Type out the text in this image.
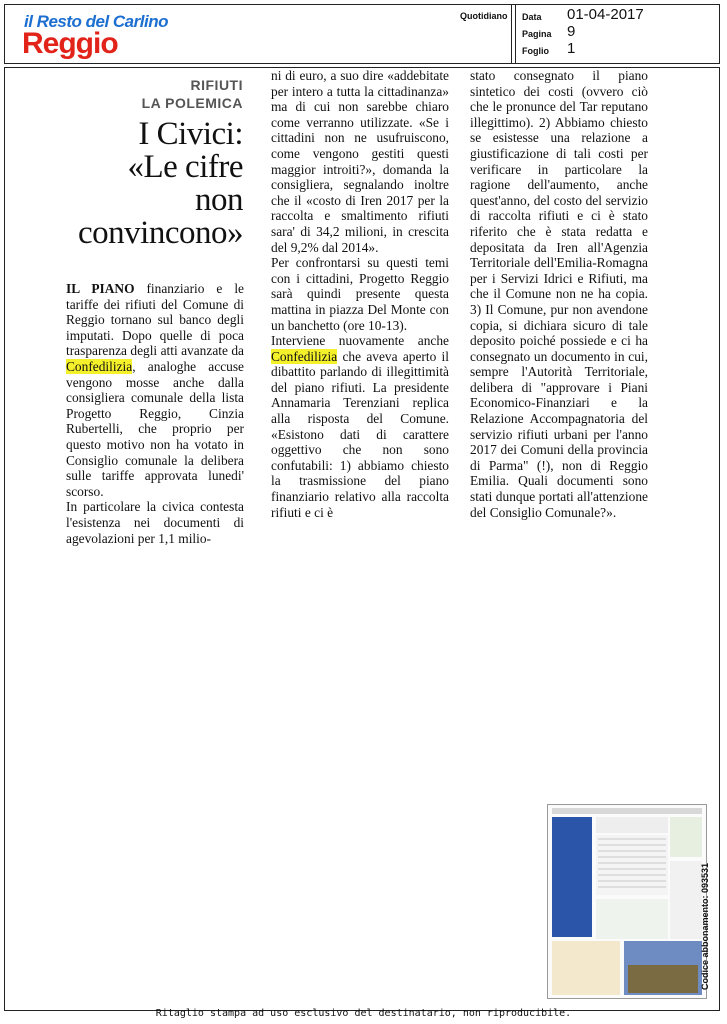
il Resto del Carlino
Reggio
Quotidiano Data 01-04-2017
Pagina 9
Foglio 1
RIFIUTI
LA POLEMICA
I Civici:
«Le cifre
non
convincono»

IL PIANO finanziario e le tariffe dei rifiuti del Comune di Reggio tornano sul banco degli imputati. Dopo quelle di poca trasparenza degli atti avanzate da Confedilizia, analoghe accuse vengono mosse anche dalla consigliera comunale della lista Progetto Reggio, Cinzia Rubertelli, che proprio per questo motivo non ha votato in Consiglio comunale la delibera sulle tariffe approvata lunedi' scorso.

In particolare la civica contesta l'esistenza nei documenti di agevolazioni per 1,1 milio-

ni di euro, a suo dire «addebitate per intero a tutta la cittadinanza» ma di cui non sarebbe chiaro come verranno utilizzate. «Se i cittadini non ne usufruiscono, come vengono gestiti questi maggior introiti?», domanda la consigliera, segnalando inoltre che il «costo di Iren 2017 per la raccolta e smaltimento rifiuti sara' di 34,2 milioni, in crescita del 9,2% dal 2014».

Per confrontarsi su questi temi con i cittadini, Progetto Reggio sarà quindi presente questa mattina in piazza Del Monte con un banchetto (ore 10-13).

Interviene nuovamente anche Confedilizia che aveva aperto il dibattito parlando di illegittimità del piano rifiuti. La presidente Annamaria Terenziani replica alla risposta del Comune. «Esistono dati di carattere oggettivo che non sono confutabili: 1) abbiamo chiesto la trasmissione del piano finanziario relativo alla raccolta rifiuti e ci è

stato consegnato il piano sintetico dei costi (ovvero ciò che le pronunce del Tar reputano illegittimo). 2) Abbiamo chiesto se esistesse una relazione a giustificazione di tali costi per verificare in particolare la ragione dell'aumento, anche quest'anno, del costo del servizio di raccolta rifiuti e ci è stato riferito che è stata redatta e depositata da Iren all'Agenzia Territoriale dell'Emilia-Romagna per i Servizi Idrici e Rifiuti, ma che il Comune non ne ha copia. 3) Il Comune, pur non avendone copia, si dichiara sicuro di tale deposito poiché possiede e ci ha consegnato un documento in cui, sempre l'Autorità Territoriale, delibera di "approvare i Piani Economico-Finanziari e la Relazione Accompagnatoria del servizio rifiuti urbani per l'anno 2017 dei Comuni della provincia di Parma" (!), non di Reggio Emilia. Quali documenti sono stati dunque portati all'attenzione del Consiglio Comunale?».

Codice abbonamento: 093531
Ritaglio stampa ad uso esclusivo del destinatario, non riproducibile.
